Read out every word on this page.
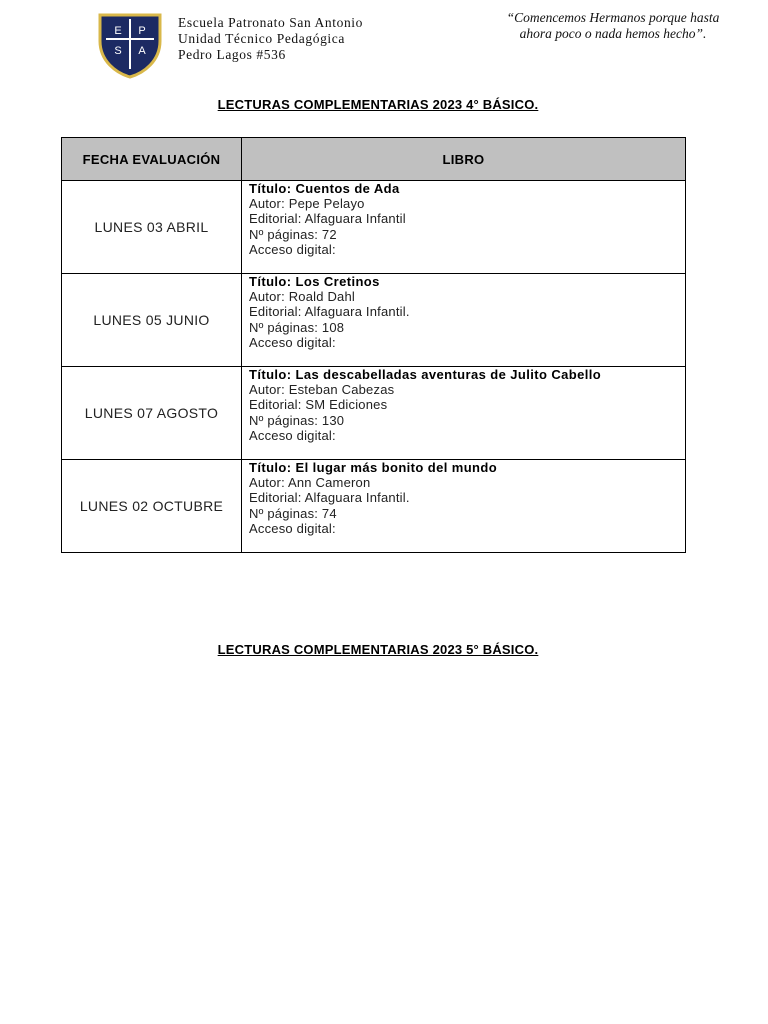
E P
S A
Escuela Patronato San Antonio
Unidad Técnico Pedagógica
Pedro Lagos #536
“Comencemos Hermanos porque hasta
ahora poco o nada hemos hecho”.
LECTURAS COMPLEMENTARIAS 2023 4° BÁSICO.
FECHA EVALUACIÓN	LIBRO
LUNES 03 ABRIL	Título: Cuentos de Ada
Autor: Pepe Pelayo
Editorial: Alfaguara Infantil
Nº páginas: 72
Acceso digital:

LUNES 05 JUNIO	Título: Los Cretinos
Autor: Roald Dahl
Editorial: Alfaguara Infantil.
Nº páginas: 108
Acceso digital:

LUNES 07 AGOSTO	Título: Las descabelladas aventuras de Julito Cabello
Autor: Esteban Cabezas
Editorial: SM Ediciones
Nº páginas: 130
Acceso digital:

LUNES 02 OCTUBRE	Título: El lugar más bonito del mundo
Autor: Ann Cameron
Editorial: Alfaguara Infantil.
Nº páginas: 74
Acceso digital:
LECTURAS COMPLEMENTARIAS 2023 5° BÁSICO.
